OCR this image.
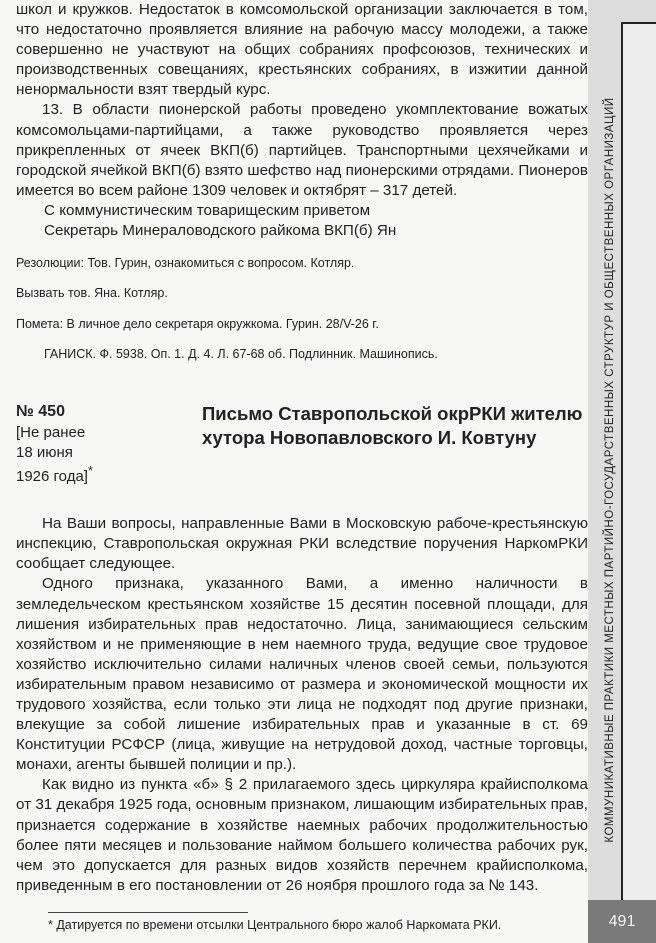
школ и кружков. Недостаток в комсомольской организации заключается в том, что недостаточно проявляется влияние на рабочую массу молодежи, а также совершенно не участвуют на общих собраниях профсоюзов, технических и производственных совещаниях, крестьянских собраниях, в изжитии данной ненормальности взят твердый курс.

13. В области пионерской работы проведено укомплектование вожатых комсомольцами-партийцами, а также руководство проявляется через прикрепленных от ячеек ВКП(б) партийцев. Транспортными цехячейками и городской ячейкой ВКП(б) взято шефство над пионерскими отрядами. Пионеров имеется во всем районе 1309 человек и октябрят – 317 детей.

С коммунистическим товарищеским приветом

Секретарь Минераловодского райкома ВКП(б) Ян

Резолюции: Тов. Гурин, ознакомиться с вопросом. Котляр.

Вызвать тов. Яна. Котляр.

Помета: В личное дело секретаря окружкома. Гурин. 28/V-26 г.

ГАНИСК. Ф. 5938. Оп. 1. Д. 4. Л. 67-68 об. Подлинник. Машинопись.

№ 450
[Не ранее
18 июня
1926 года]*
Письмо Ставропольской окрРКИ жителю хутора Новопавловского И. Ковтуну

На Ваши вопросы, направленные Вами в Московскую рабоче-крестьянскую инспекцию, Ставропольская окружная РКИ вследствие поручения НаркомРКИ сообщает следующее.

Одного признака, указанного Вами, а именно наличности в земледельческом крестьянском хозяйстве 15 десятин посевной площади, для лишения избирательных прав недостаточно. Лица, занимающиеся сельским хозяйством и не применяющие в нем наемного труда, ведущие свое трудовое хозяйство исключительно силами наличных членов своей семьи, пользуются избирательным правом независимо от размера и экономической мощности их трудового хозяйства, если только эти лица не подходят под другие признаки, влекущие за собой лишение избирательных прав и указанные в ст. 69 Конституции РСФСР (лица, живущие на нетрудовой доход, частные торговцы, монахи, агенты бывшей полиции и пр.).

Как видно из пункта «б» § 2 прилагаемого здесь циркуляра крайисполкома от 31 декабря 1925 года, основным признаком, лишающим избирательных прав, признается содержание в хозяйстве наемных рабочих продолжительностью более пяти месяцев и пользование наймом большего количества рабочих рук, чем это допускается для разных видов хозяйств перечнем крайисполкома, приведенным в его постановлении от 26 ноября прошлого года за № 143.

* Датируется по времени отсылки Центрального бюро жалоб Наркомата РКИ.

КОММУНИКАТИВНЫЕ ПРАКТИКИ МЕСТНЫХ ПАРТИЙНО-ГОСУДАРСТВЕННЫХ СТРУКТУР И ОБЩЕСТВЕННЫХ ОРГАНИЗАЦИЙ
491
